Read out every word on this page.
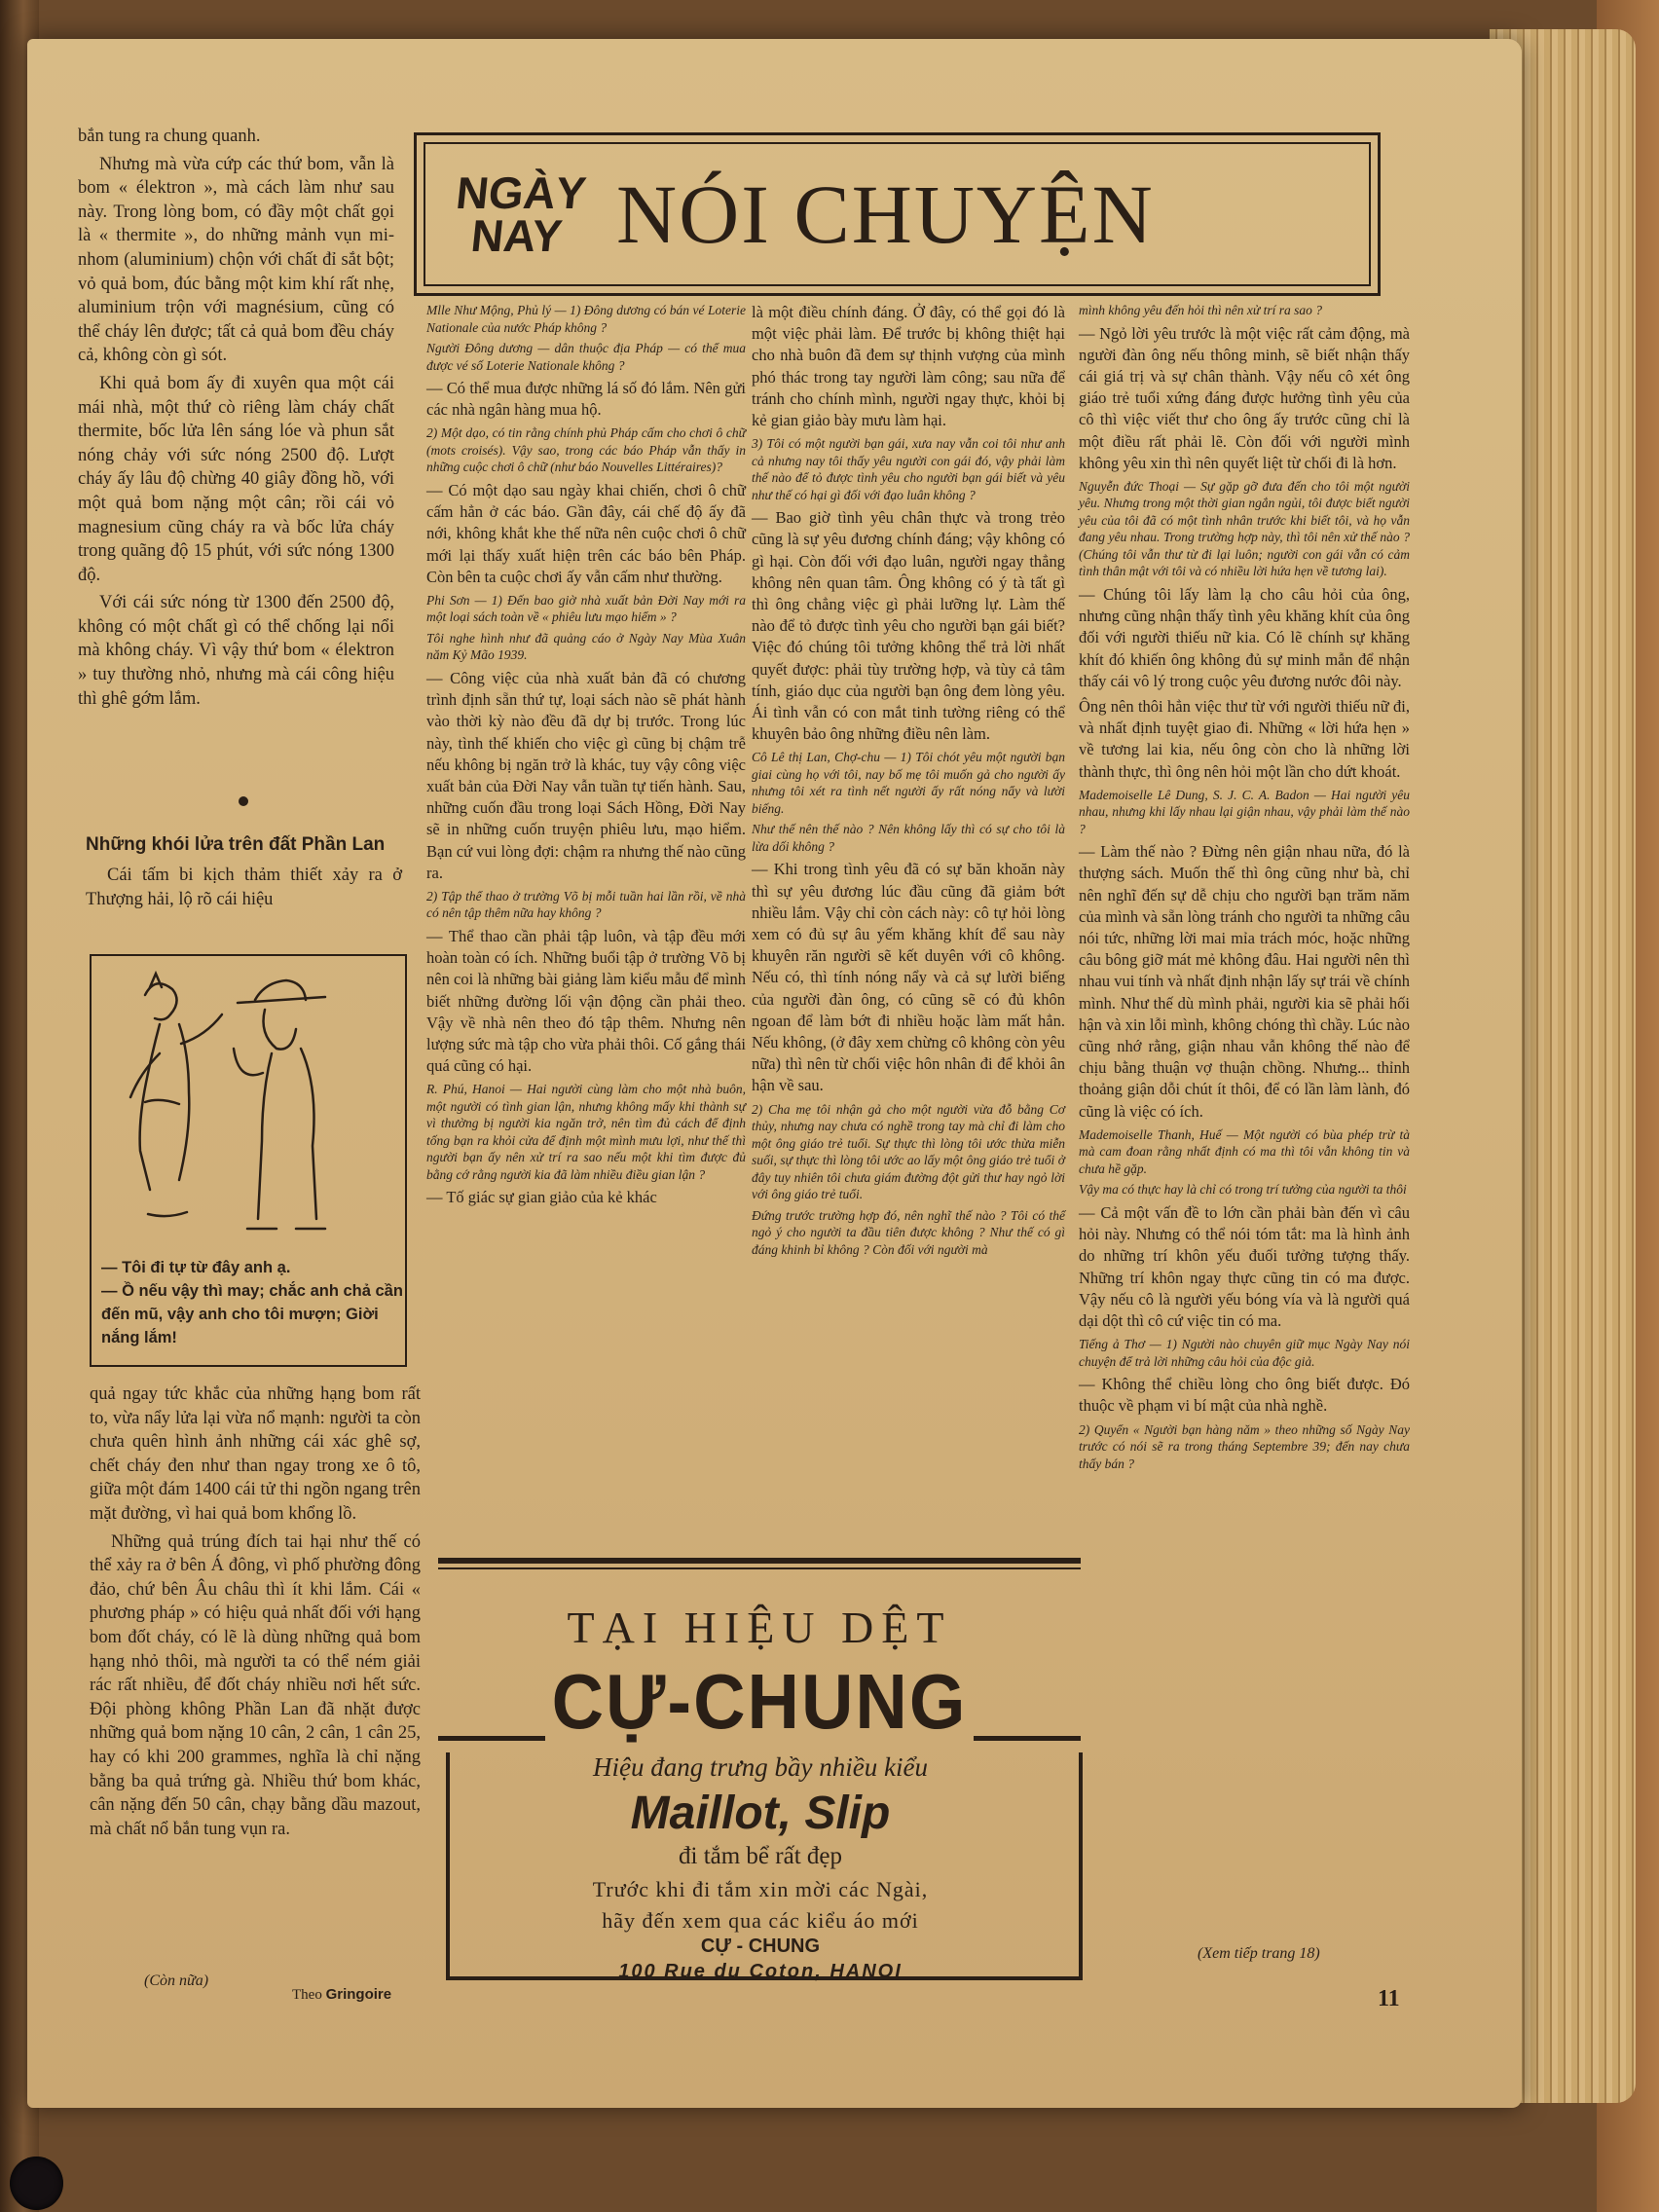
NGÀY
NAY NÓI CHUYỆN

bắn tung ra chung quanh.

Nhưng mà vừa cứp các thứ bom, vẫn là bom « élektron », mà cách làm như sau này. Trong lòng bom, có đầy một chất gọi là « thermite », do những mảnh vụn mi-nhom (aluminium) chộn với chất đỉ sắt bột; vỏ quả bom, đúc bằng một kim khí rất nhẹ, aluminium trộn với magnésium, cũng có thể cháy lên được; tất cả quả bom đều cháy cả, không còn gì sót.

Khi quả bom ấy đi xuyên qua một cái mái nhà, một thứ cò riêng làm cháy chất thermite, bốc lửa lên sáng lóe và phun sắt nóng chảy với sức nóng 2500 độ. Lượt cháy ấy lâu độ chừng 40 giây đồng hồ, với một quả bom nặng một cân; rồi cái vỏ magnesium cũng cháy ra và bốc lửa cháy trong quãng độ 15 phút, với sức nóng 1300 độ.

Với cái sức nóng từ 1300 đến 2500 độ, không có một chất gì có thể chống lại nổi mà không cháy. Vì vậy thứ bom « élektron » tuy thường nhỏ, nhưng mà cái công hiệu thì ghê gớm lắm.

Những khói lửa trên đất Phần Lan

Cái tấm bi kịch thảm thiết xảy ra ở Thượng hải, lộ rõ cái hiệu

— Tôi đi tự từ đây anh ạ.

— Ồ nếu vậy thì may; chắc anh chả cần đến mũ, vậy anh cho tôi mượn; Giời nắng lắm!

quả ngay tức khắc của những hạng bom rất to, vừa nẩy lửa lại vừa nổ mạnh: người ta còn chưa quên hình ảnh những cái xác ghê sợ, chết cháy đen như than ngay trong xe ô tô, giữa một đám 1400 cái tử thi ngồn ngang trên mặt đường, vì hai quả bom khổng lồ.

Những quả trúng đích tai hại như thế có thể xảy ra ở bên Á đông, vì phố phường đông đảo, chứ bên Âu châu thì ít khi lắm. Cái « phương pháp » có hiệu quả nhất đối với hạng bom đốt cháy, có lẽ là dùng những quả bom hạng nhỏ thôi, mà người ta có thể ném giải rác rất nhiều, để đốt cháy nhiều nơi hết sức. Đội phòng không Phần Lan đã nhặt được những quả bom nặng 10 cân, 2 cân, 1 cân 25, hay có khi 200 grammes, nghĩa là chỉ nặng bằng ba quả trứng gà. Nhiều thứ bom khác, cân nặng đến 50 cân, chạy bằng dầu mazout, mà chất nổ bắn tung vụn ra.

(Còn nữa)
Theo Gringoire

Mlle Như Mộng, Phủ lý — 1) Đông dương có bán vé Loterie Nationale của nước Pháp không ?

Người Đông dương — dân thuộc địa Pháp — có thể mua được vé số Loterie Nationale không ?

— Có thể mua được những lá số đó lắm. Nên gửi các nhà ngân hàng mua hộ.

2) Một dạo, có tin rằng chính phủ Pháp cấm cho chơi ô chữ (mots croisés). Vậy sao, trong các báo Pháp vẫn thấy in những cuộc chơi ô chữ (như báo Nouvelles Littéraires)?

— Có một dạo sau ngày khai chiến, chơi ô chữ cấm hẳn ở các báo. Gần đây, cái chế độ ấy đã nới, không khắt khe thế nữa nên cuộc chơi ô chữ mới lại thấy xuất hiện trên các báo bên Pháp. Còn bên ta cuộc chơi ấy vẫn cấm như thường.

Phi Sơn — 1) Đến bao giờ nhà xuất bản Đời Nay mới ra một loại sách toàn về « phiêu lưu mạo hiểm » ?

Tôi nghe hình như đã quảng cáo ở Ngày Nay Mùa Xuân năm Kỷ Mão 1939.

— Công việc của nhà xuất bản đã có chương trình định sẵn thứ tự, loại sách nào sẽ phát hành vào thời kỳ nào đều đã dự bị trước. Trong lúc này, tình thế khiến cho việc gì cũng bị chậm trễ nếu không bị ngăn trở là khác, tuy vậy công việc xuất bản của Đời Nay vẫn tuần tự tiến hành. Sau, những cuốn đầu trong loại Sách Hồng, Đời Nay sẽ in những cuốn truyện phiêu lưu, mạo hiểm. Bạn cứ vui lòng đợi: chậm ra nhưng thế nào cũng ra.

2) Tập thể thao ở trường Võ bị mỗi tuần hai lần rồi, về nhà có nên tập thêm nữa hay không ?

— Thể thao cần phải tập luôn, và tập đều mới hoàn toàn có ích. Những buổi tập ở trường Võ bị nên coi là những bài giảng làm kiểu mẫu để mình biết những đường lối vận động cần phải theo. Vậy về nhà nên theo đó tập thêm. Nhưng nên lượng sức mà tập cho vừa phải thôi. Cố gắng thái quá cũng có hại.

R. Phú, Hanoi — Hai người cùng làm cho một nhà buôn, một người có tình gian lận, nhưng không mấy khi thành sự vì thường bị người kia ngăn trở, nên tìm đủ cách để định tống bạn ra khỏi cửa để định một mình mưu lợi, như thế thì người bạn ấy nên xử trí ra sao nếu một khi tìm được đủ bằng cớ rằng người kia đã làm nhiều điều gian lận ?

— Tố giác sự gian giảo của kẻ khác

là một điều chính đáng. Ở đây, có thể gọi đó là một việc phải làm. Để trước bị không thiệt hại cho nhà buôn đã đem sự thịnh vượng của mình phó thác trong tay người làm công; sau nữa để tránh cho chính mình, người ngay thực, khỏi bị kẻ gian giảo bày mưu làm hại.

3) Tôi có một người bạn gái, xưa nay vẫn coi tôi như anh cả nhưng nay tôi thấy yêu người con gái đó, vậy phải làm thế nào để tỏ được tình yêu cho người bạn gái biết và yêu như thế có hại gì đối với đạo luân không ?

— Bao giờ tình yêu chân thực và trong trẻo cũng là sự yêu đương chính đáng; vậy không có gì hại. Còn đối với đạo luân, người ngay thẳng không nên quan tâm. Ông không có ý tà tất gì thì ông chẳng việc gì phải lưỡng lự. Làm thế nào để tỏ được tình yêu cho người bạn gái biết? Việc đó chúng tôi tưởng không thể trả lời nhất quyết được: phải tùy trường hợp, và tùy cả tâm tính, giáo dục của người bạn ông đem lòng yêu. Ái tình vẫn có con mắt tinh tường riêng có thể khuyên bảo ông những điều nên làm.

Cô Lê thị Lan, Chợ-chu — 1) Tôi chót yêu một người bạn giai cùng họ với tôi, nay bố mẹ tôi muốn gả cho người ấy nhưng tôi xét ra tình nết người ấy rất nóng nẩy và lười biếng.

Như thế nên thế nào ? Nên không lấy thì có sự cho tôi là lừa dối không ?

— Khi trong tình yêu đã có sự băn khoăn này thì sự yêu đương lúc đầu cũng đã giảm bớt nhiều lắm. Vậy chỉ còn cách này: cô tự hỏi lòng xem có đủ sự âu yếm khăng khít để sau này khuyên răn người sẽ kết duyên với cô không. Nếu có, thì tính nóng nẩy và cả sự lười biếng của người đàn ông, có cũng sẽ có đủ khôn ngoan để làm bớt đi nhiều hoặc làm mất hẳn. Nếu không, (ở đây xem chừng cô không còn yêu nữa) thì nên từ chối việc hôn nhân đi để khỏi ân hận về sau.

2) Cha mẹ tôi nhận gả cho một người vừa đỗ bằng Cơ thủy, nhưng nay chưa có nghề trong tay mà chỉ đi làm cho một ông giáo trẻ tuổi. Sự thực thì lòng tôi ước thừa miễn suối, sự thực thì lòng tôi ước ao lấy một ông giáo trẻ tuổi ở đây tuy nhiên tôi chưa giám đường đột gửi thư hay ngỏ lời với ông giáo trẻ tuổi.

Đứng trước trường hợp đó, nên nghĩ thế nào ? Tôi có thể ngỏ ý cho người ta đầu tiên được không ? Như thế có gì đáng khinh bỉ không ? Còn đối với người mà

mình không yêu đến hỏi thì nên xử trí ra sao ?

— Ngỏ lời yêu trước là một việc rất cảm động, mà người đàn ông nếu thông minh, sẽ biết nhận thấy cái giá trị và sự chân thành. Vậy nếu cô xét ông giáo trẻ tuổi xứng đáng được hưởng tình yêu của cô thì việc viết thư cho ông ấy trước cũng chỉ là một điều rất phải lẽ. Còn đối với người mình không yêu xin thì nên quyết liệt từ chối đi là hơn.

Nguyễn đức Thoại — Sự gặp gỡ đưa đến cho tôi một người yêu. Nhưng trong một thời gian ngắn ngủi, tôi được biết người yêu của tôi đã có một tình nhân trước khi biết tôi, và họ vẫn đang yêu nhau. Trong trường hợp này, thì tôi nên xử thế nào ? (Chúng tôi vẫn thư từ đi lại luôn; người con gái vẫn có cảm tình thân mật với tôi và có nhiều lời hứa hẹn về tương lai).

— Chúng tôi lấy làm lạ cho câu hỏi của ông, nhưng cũng nhận thấy tình yêu khăng khít của ông đối với người thiếu nữ kia. Có lẽ chính sự khăng khít đó khiến ông không đủ sự minh mẫn để nhận thấy cái vô lý trong cuộc yêu đương nước đôi này.

Ông nên thôi hẳn việc thư từ với người thiếu nữ đi, và nhất định tuyệt giao đi. Những « lời hứa hẹn » về tương lai kia, nếu ông còn cho là những lời thành thực, thì ông nên hỏi một lần cho dứt khoát.

Mademoiselle Lê Dung, S. J. C. A. Badon — Hai người yêu nhau, nhưng khi lấy nhau lại giận nhau, vậy phải làm thế nào ?

— Làm thế nào ? Đừng nên giận nhau nữa, đó là thượng sách. Muốn thế thì ông cũng như bà, chỉ nên nghĩ đến sự dễ chịu cho người bạn trăm năm của mình và sẵn lòng tránh cho người ta những câu nói tức, những lời mai mỉa trách móc, hoặc những câu bông giỡ mát mẻ không đâu. Hai người nên thì nhau vui tính và nhất định nhận lấy sự trái về chính mình. Như thế dù mình phải, người kia sẽ phải hối hận và xin lỗi mình, không chóng thì chầy. Lúc nào cũng nhớ rằng, giận nhau vẫn không thế nào để chịu bằng thuận vợ thuận chồng. Nhưng... thỉnh thoảng giận dỗi chút ít thôi, để có lần làm lành, đó cũng là việc có ích.

Mademoiselle Thanh, Huế — Một người có bùa phép trừ tà mà cam đoan rằng nhất định có ma thì tôi vẫn không tin và chưa hề gặp.

Vậy ma có thực hay là chỉ có trong trí tưởng của người ta thôi

— Cả một vấn đề to lớn cần phải bàn đến vì câu hỏi này. Nhưng có thể nói tóm tắt: ma là hình ảnh do những trí khôn yếu đuối tưởng tượng thấy. Những trí khôn ngay thực cũng tin có ma được. Vậy nếu cô là người yếu bóng vía và là người quá dại dột thì cô cứ việc tin có ma.

Tiếng ả Thơ — 1) Người nào chuyên giữ mục Ngày Nay nói chuyện để trả lời những câu hỏi của độc giả.

— Không thể chiều lòng cho ông biết được. Đó thuộc về phạm vi bí mật của nhà nghề.

2) Quyển « Người bạn hàng năm » theo những số Ngày Nay trước có nói sẽ ra trong tháng Septembre 39; đến nay chưa thấy bán ?

(Xem tiếp trang 18)
TẠI HIỆU DỆT
CỰ-CHUNG
Hiệu đang trưng bầy nhiều kiểu
Maillot, Slip
đi tắm bể rất đẹp
Trước khi đi tắm xin mời các Ngài,
hãy đến xem qua các kiểu áo mới
CỰ - CHUNG
100 Rue du Coton, HANOI
11
